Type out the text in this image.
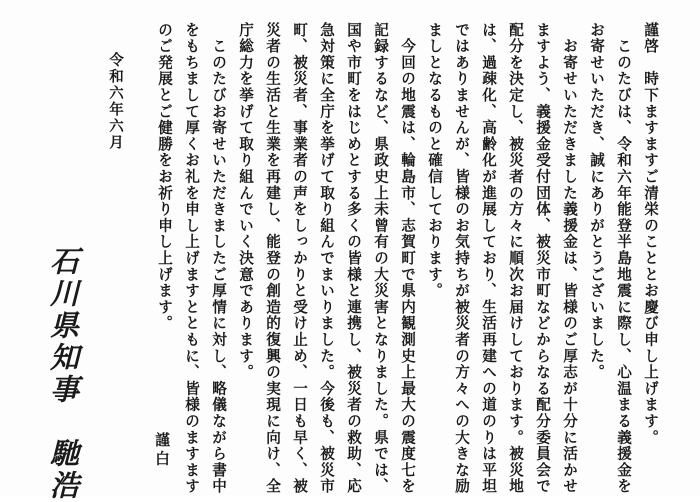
謹啓　時下ますますご清栄のこととお慶び申し上げます。
　このたびは、令和六年能登半島地震に際し、心温まる義援金を
お寄せいただき、誠にありがとうございました。
　お寄せいただきました義援金は、皆様のご厚志が十分に活かせ
ますよう、義援金受付団体、被災市町などからなる配分委員会で
配分を決定し、被災者の方々に順次お届けしております。被災地
は、過疎化、高齢化が進展しており、生活再建への道のりは平坦
ではありませんが、皆様のお気持ちが被災者の方々への大きな励
ましとなるものと確信しております。
　今回の地震は、輪島市、志賀町で県内観測史上最大の震度七を
記録するなど、県政史上未曾有の大災害となりました。県では、
国や市町をはじめとする多くの皆様と連携し、被災者の救助、応
急対策に全庁を挙げて取り組んでまいりました。今後も、被災市
町、被災者、事業者の声をしっかりと受け止め、一日も早く、被
災者の生活と生業を再建し、能登の創造的復興の実現に向け、全
庁総力を挙げて取り組んでいく決意であります。
　このたびお寄せいただきましたご厚情に対し、略儀ながら書中
をもちまして厚くお礼を申し上げますとともに、皆様のますます
のご発展とご健勝をお祈り申し上げます。
謹白
令和六年六月
石川県知事　馳浩
